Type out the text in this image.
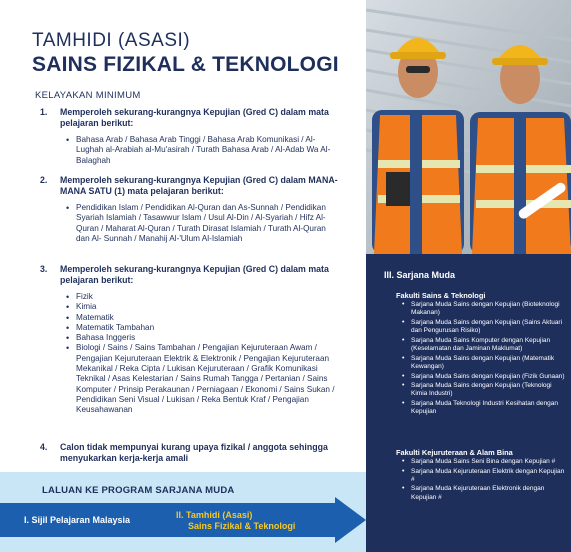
TAMHIDI (ASASI)
SAINS FIZIKAL & TEKNOLOGI
KELAYAKAN MINIMUM
1. Memperoleh sekurang-kurangnya Kepujian (Gred C) dalam mata pelajaran berikut:
• Bahasa Arab / Bahasa Arab Tinggi / Bahasa Arab Komunikasi / Al-Lughah al-Arabiah al-Mu'asirah / Turath Bahasa Arab / Al-Adab Wa Al-Balaghah
2. Memperoleh sekurang-kurangnya Kepujian (Gred C) dalam MANA-MANA SATU (1) mata pelajaran berikut:
• Pendidikan Islam / Pendidikan Al-Quran dan As-Sunnah / Pendidikan Syariah Islamiah / Tasawwur Islam / Usul Al-Din / Al-Syariah / Hifz Al-Quran / Maharat Al-Quran / Turath Dirasat Islamiah / Turath Al-Quran dan Al- Sunnah / Manahij Al-'Ulum Al-Islamiah
3. Memperoleh sekurang-kurangnya Kepujian (Gred C) dalam mata pelajaran berikut:
• Fizik
• Kimia
• Matematik
• Matematik Tambahan
• Bahasa Inggeris
• Biologi / Sains / Sains Tambahan / Pengajian Kejuruteraan Awam / Pengajian Kejuruteraan Elektrik & Elektronik / Pengajian Kejuruteraan Mekanikal / Reka Cipta / Lukisan Kejuruteraan / Grafik Komunikasi Teknikal / Asas Kelestarian / Sains Rumah Tangga / Pertanian / Sains Komputer / Prinsip Perakaunan / Perniagaan / Ekonomi / Sains Sukan / Pendidikan Seni Visual / Lukisan / Reka Bentuk Kraf / Pengajian Keusahawanan
4. Calon tidak mempunyai kurang upaya fizikal / anggota sehingga menyukarkan kerja-kerja amali
LALUAN KE PROGRAM SARJANA MUDA
I. Sijil Pelajaran Malaysia	II. Tamhidi (Asasi)
Sains Fizikal & Teknologi
III. Sarjana Muda
Fakulti Sains & Teknologi
• Sarjana Muda Sains dengan Kepujian (Bioteknologi Makanan)
• Sarjana Muda Sains dengan Kepujian (Sains Aktuari dan Pengurusan Risiko)
• Sarjana Muda Sains Komputer dengan Kepujian (Keselamatan dan Jaminan Maklumat)
• Sarjana Muda Sains dengan Kepujian (Matematik Kewangan)
• Sarjana Muda Sains dengan Kepujian (Fizik Gunaan)
• Sarjana Muda Sains dengan Kepujian (Teknologi Kimia Industri)
• Sarjana Muda Teknologi Industri Kesihatan dengan Kepujian
Fakulti Kejuruteraan & Alam Bina
• Sarjana Muda Sains Seni Bina dengan Kepujian #
• Sarjana Muda Kejuruteraan Elektrik dengan Kepujian #
• Sarjana Muda Kejuruteraan Elektronik dengan Kepujian #
